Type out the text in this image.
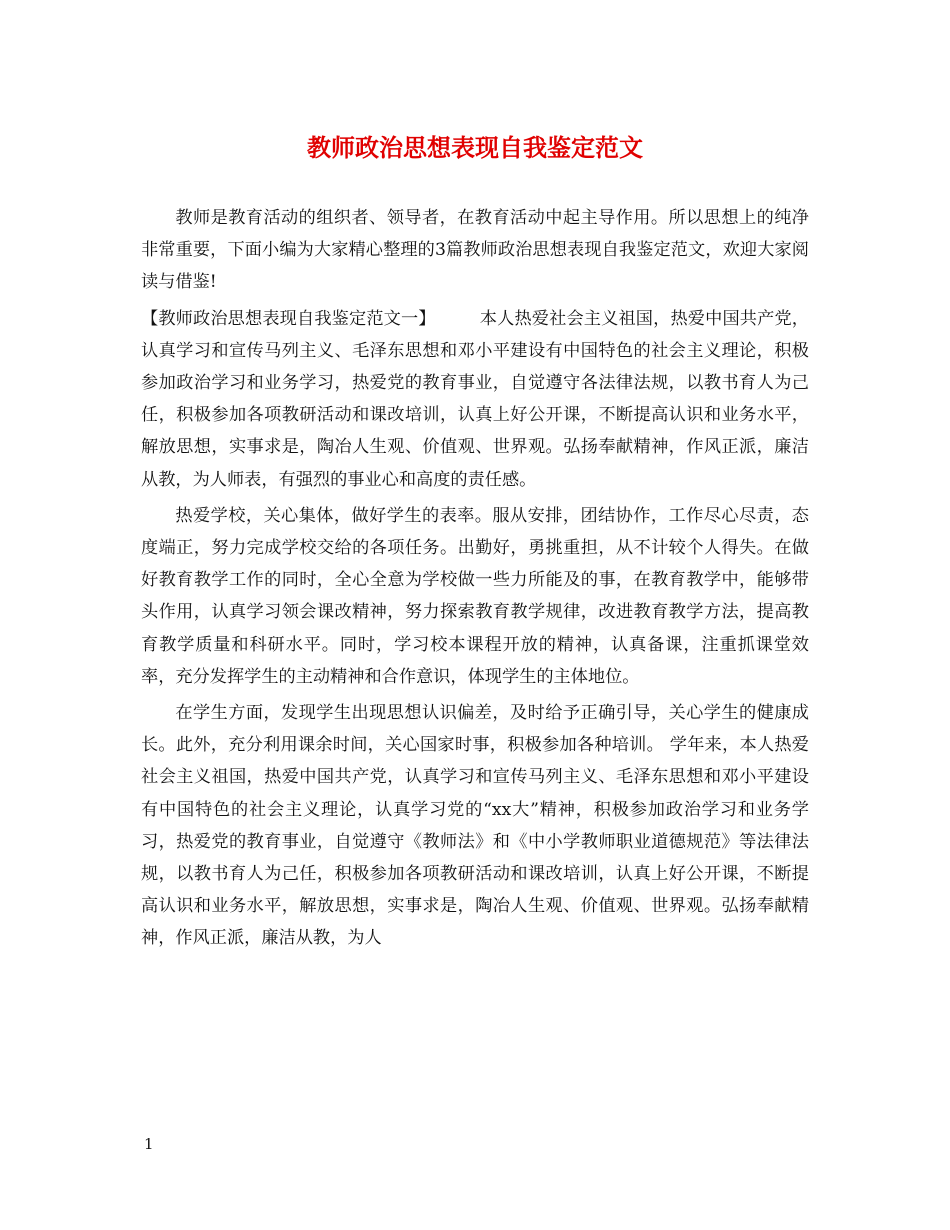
教师政治思想表现自我鉴定范文

教师是教育活动的组织者、领导者，在教育活动中起主导作用。所以思想上的纯净非常重要，下面小编为大家精心整理的3篇教师政治思想表现自我鉴定范文，欢迎大家阅读与借鉴!

【教师政治思想表现自我鉴定范文一】	本人热爱社会主义祖国，热爱中国共产党，认真学习和宣传马列主义、毛泽东思想和邓小平建设有中国特色的社会主义理论，积极参加政治学习和业务学习，热爱党的教育事业，自觉遵守各法律法规，以教书育人为己任，积极参加各项教研活动和课改培训，认真上好公开课，不断提高认识和业务水平，解放思想，实事求是，陶冶人生观、价值观、世界观。弘扬奉献精神，作风正派，廉洁从教，为人师表，有强烈的事业心和高度的责任感。

热爱学校，关心集体，做好学生的表率。服从安排，团结协作，工作尽心尽责，态度端正，努力完成学校交给的各项任务。出勤好，勇挑重担，从不计较个人得失。在做好教育教学工作的同时，全心全意为学校做一些力所能及的事，在教育教学中，能够带头作用，认真学习领会课改精神，努力探索教育教学规律，改进教育教学方法，提高教育教学质量和科研水平。同时，学习校本课程开放的精神，认真备课，注重抓课堂效率，充分发挥学生的主动精神和合作意识，体现学生的主体地位。

在学生方面，发现学生出现思想认识偏差，及时给予正确引导，关心学生的健康成长。此外，充分利用课余时间，关心国家时事，积极参加各种培训。 学年来，本人热爱社会主义祖国，热爱中国共产党，认真学习和宣传马列主义、毛泽东思想和邓小平建设有中国特色的社会主义理论，认真学习党的“xx大”精神，积极参加政治学习和业务学习，热爱党的教育事业，自觉遵守《教师法》和《中小学教师职业道德规范》等法律法规，以教书育人为己任，积极参加各项教研活动和课改培训，认真上好公开课，不断提高认识和业务水平，解放思想，实事求是，陶冶人生观、价值观、世界观。弘扬奉献精神，作风正派，廉洁从教，为人

1
